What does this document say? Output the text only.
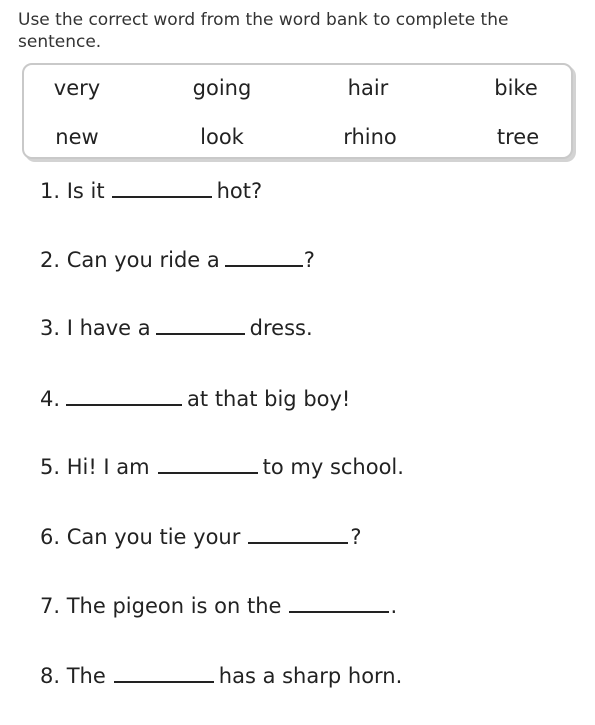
Use the correct word from the word bank to complete the sentence.
very	going	hair	bike
new	look	rhino	tree
1. Is it	hot?
2. Can you ride a	?
3. I have a	dress.
4.	at that big boy!
5. Hi! I am	to my school.
6. Can you tie your	?
7. The pigeon is on the	.
8. The	has a sharp horn.
